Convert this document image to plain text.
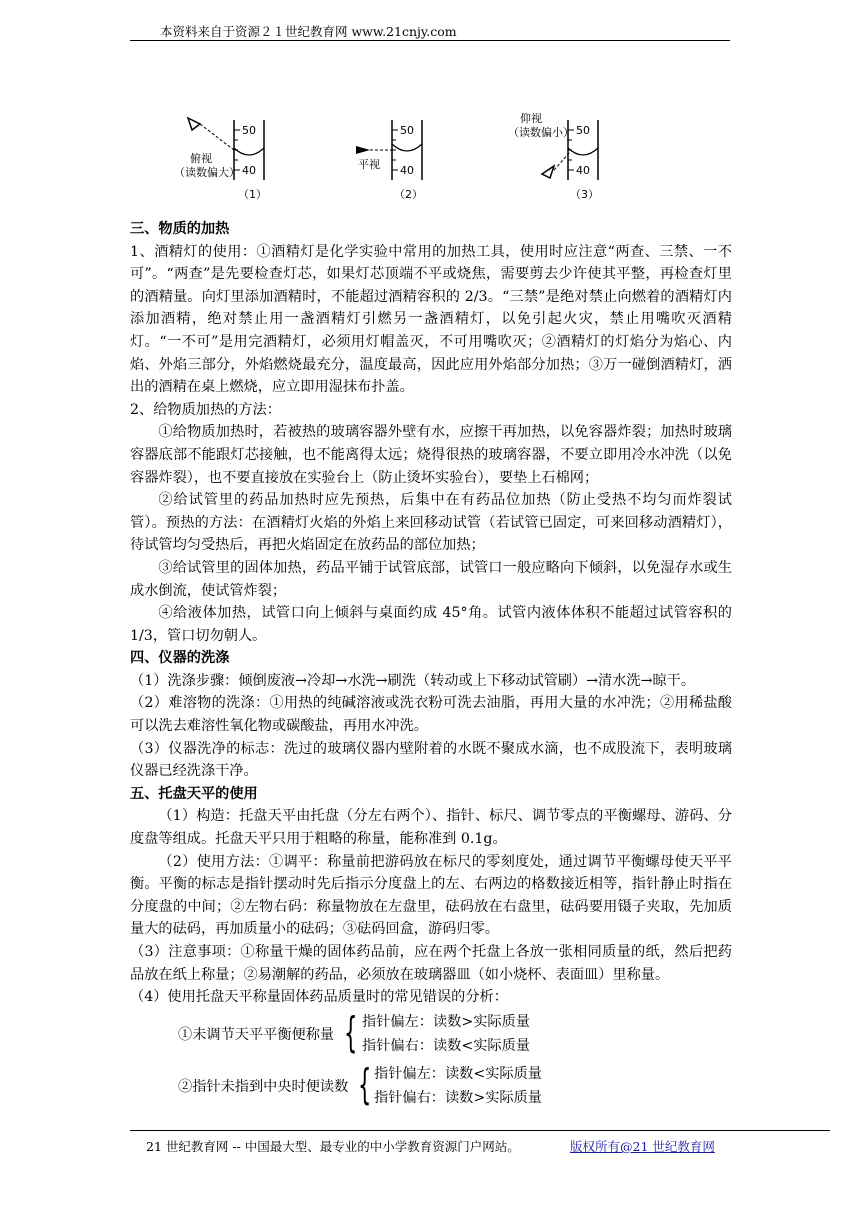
本资料来自于资源２１世纪教育网 www.21cnjy.com
50
40
俯视
（读数偏大）
（1）
50
40
平视
（2）
仰视
（读数偏小） 50
40
（3）
三、物质的加热

1、酒精灯的使用：①酒精灯是化学实验中常用的加热工具，使用时应注意“两查、三禁、一不可”。“两查”是先要检查灯芯，如果灯芯顶端不平或烧焦，需要剪去少许使其平整，再检查灯里的酒精量。向灯里添加酒精时，不能超过酒精容积的 2/3。“三禁”是绝对禁止向燃着的酒精灯内添加酒精，绝对禁止用一盏酒精灯引燃另一盏酒精灯，以免引起火灾，禁止用嘴吹灭酒精灯。“一不可”是用完酒精灯，必须用灯帽盖灭，不可用嘴吹灭；②酒精灯的灯焰分为焰心、内焰、外焰三部分，外焰燃烧最充分，温度最高，因此应用外焰部分加热；③万一碰倒酒精灯，洒出的酒精在桌上燃烧，应立即用湿抹布扑盖。

2、给物质加热的方法：

①给物质加热时，若被热的玻璃容器外壁有水，应擦干再加热，以免容器炸裂；加热时玻璃容器底部不能跟灯芯接触，也不能离得太远；烧得很热的玻璃容器，不要立即用冷水冲洗（以免容器炸裂），也不要直接放在实验台上（防止烫坏实验台），要垫上石棉网；

②给试管里的药品加热时应先预热，后集中在有药品位加热（防止受热不均匀而炸裂试管）。预热的方法：在酒精灯火焰的外焰上来回移动试管（若试管已固定，可来回移动酒精灯），待试管均匀受热后，再把火焰固定在放药品的部位加热；

③给试管里的固体加热，药品平铺于试管底部，试管口一般应略向下倾斜，以免湿存水或生成水倒流，使试管炸裂；

④给液体加热，试管口向上倾斜与桌面约成 45°角。试管内液体体积不能超过试管容积的 1/3，管口切勿朝人。

四、仪器的洗涤

（1）洗涤步骤：倾倒废液→冷却→水洗→刷洗（转动或上下移动试管刷）→清水洗→晾干。

（2）难溶物的洗涤：①用热的纯碱溶液或洗衣粉可洗去油脂，再用大量的水冲洗；②用稀盐酸可以洗去难溶性氧化物或碳酸盐，再用水冲洗。

（3）仪器洗净的标志：洗过的玻璃仪器内壁附着的水既不聚成水滴，也不成股流下，表明玻璃仪器已经洗涤干净。

五、托盘天平的使用

（1）构造：托盘天平由托盘（分左右两个）、指针、标尺、调节零点的平衡螺母、游码、分度盘等组成。托盘天平只用于粗略的称量，能称准到 0.1g。

（2）使用方法：①调平：称量前把游码放在标尺的零刻度处，通过调节平衡螺母使天平平衡。平衡的标志是指针摆动时先后指示分度盘上的左、右两边的格数接近相等，指针静止时指在分度盘的中间；②左物右码：称量物放在左盘里，砝码放在右盘里，砝码要用镊子夹取，先加质量大的砝码，再加质量小的砝码；③砝码回盒，游码归零。

（3）注意事项：①称量干燥的固体药品前，应在两个托盘上各放一张相同质量的纸，然后把药品放在纸上称量；②易潮解的药品，必须放在玻璃器皿（如小烧杯、表面皿）里称量。

（4）使用托盘天平称量固体药品质量时的常见错误的分析：

①未调节天平平衡便称量 { 指针偏左：读数>实际质量
指针偏右：读数<实际质量
②指针未指到中央时便读数 { 指针偏左：读数<实际质量
指针偏右：读数>实际质量
21 世纪教育网 -- 中国最大型、最专业的中小学教育资源门户网站。	版权所有@21 世纪教育网
